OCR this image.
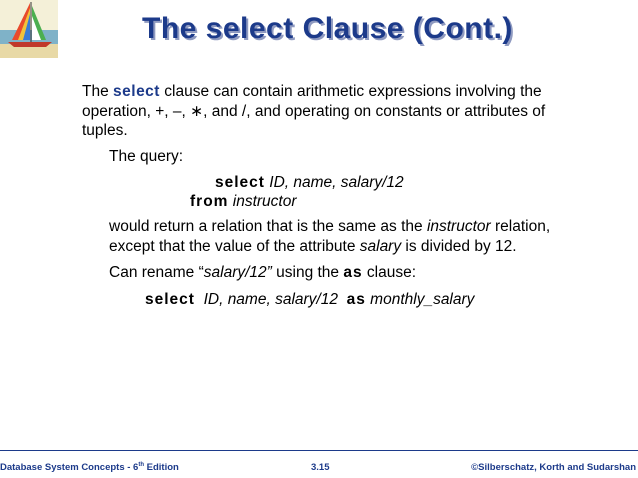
The select Clause (Cont.)
The select clause can contain arithmetic expressions involving the
operation, +, –, ∗, and /, and operating on constants or attributes of
tuples.
The query:
select ID, name, salary/12
from instructor
would return a relation that is the same as the instructor relation,
except that the value of the attribute salary is divided by 12.
Can rename “salary/12” using the as clause:
select ID, name, salary/12 as monthly_salary
Database System Concepts - 6th Edition	3.15	©Silberschatz, Korth and Sudarshan
